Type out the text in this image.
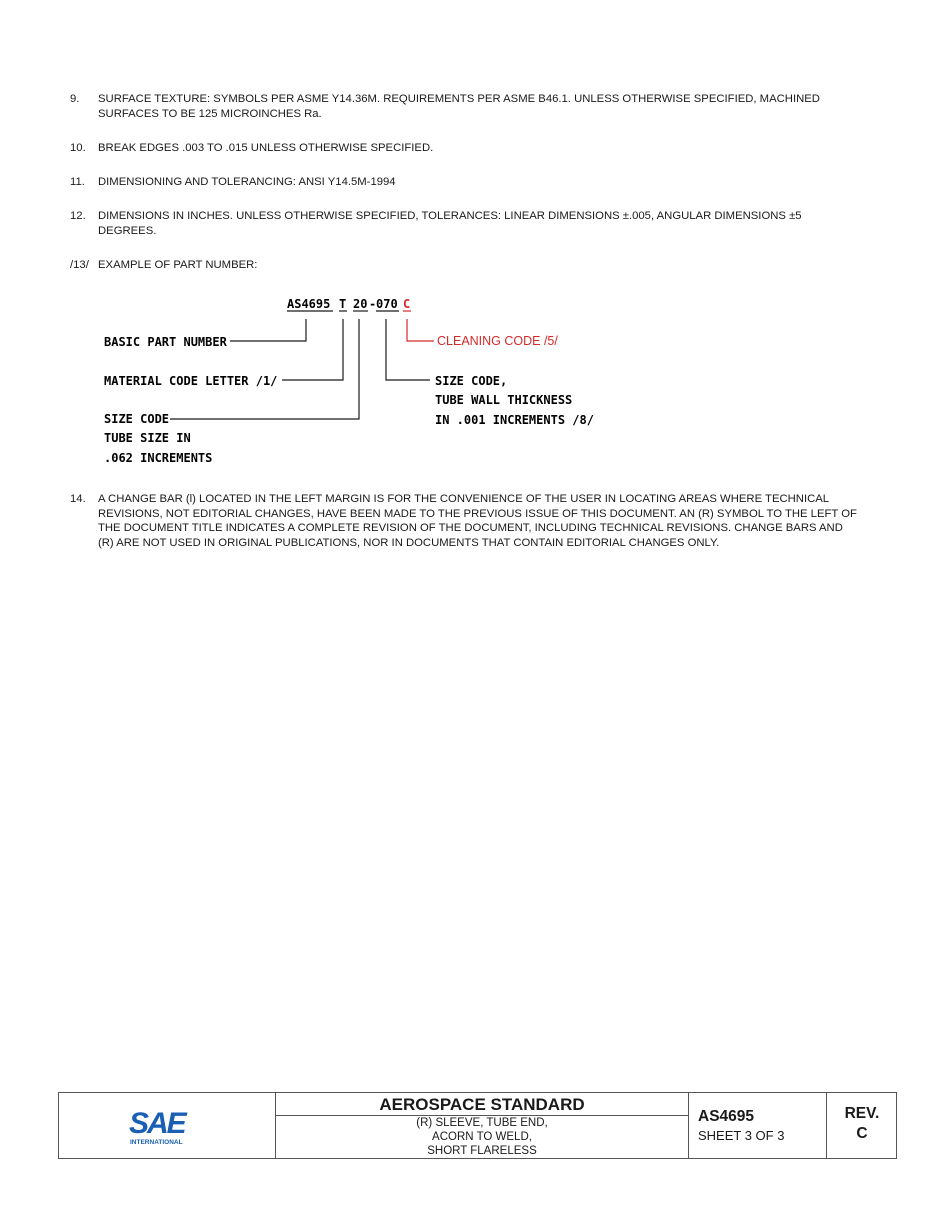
9. SURFACE TEXTURE: SYMBOLS PER ASME Y14.36M. REQUIREMENTS PER ASME B46.1. UNLESS OTHERWISE SPECIFIED, MACHINED SURFACES TO BE 125 MICROINCHES Ra.
10. BREAK EDGES .003 TO .015 UNLESS OTHERWISE SPECIFIED.
11. DIMENSIONING AND TOLERANCING: ANSI Y14.5M-1994
12. DIMENSIONS IN INCHES. UNLESS OTHERWISE SPECIFIED, TOLERANCES: LINEAR DIMENSIONS ±.005, ANGULAR DIMENSIONS ±5 DEGREES.
/13/ EXAMPLE OF PART NUMBER:
AS4695 T 20 - 070 C
BASIC PART NUMBER	CLEANING CODE /5/
MATERIAL CODE LETTER /1/	SIZE CODE,
TUBE WALL THICKNESS
IN .001 INCREMENTS /8/
SIZE CODE
TUBE SIZE IN
.062 INCREMENTS
14. A CHANGE BAR (l) LOCATED IN THE LEFT MARGIN IS FOR THE CONVENIENCE OF THE USER IN LOCATING AREAS WHERE TECHNICAL REVISIONS, NOT EDITORIAL CHANGES, HAVE BEEN MADE TO THE PREVIOUS ISSUE OF THIS DOCUMENT. AN (R) SYMBOL TO THE LEFT OF THE DOCUMENT TITLE INDICATES A COMPLETE REVISION OF THE DOCUMENT, INCLUDING TECHNICAL REVISIONS. CHANGE BARS AND (R) ARE NOT USED IN ORIGINAL PUBLICATIONS, NOR IN DOCUMENTS THAT CONTAIN EDITORIAL CHANGES ONLY.
SAE
INTERNATIONAL
AEROSPACE STANDARD
(R) SLEEVE, TUBE END,
ACORN TO WELD,
SHORT FLARELESS
AS4695
SHEET 3 OF 3
REV.
C
